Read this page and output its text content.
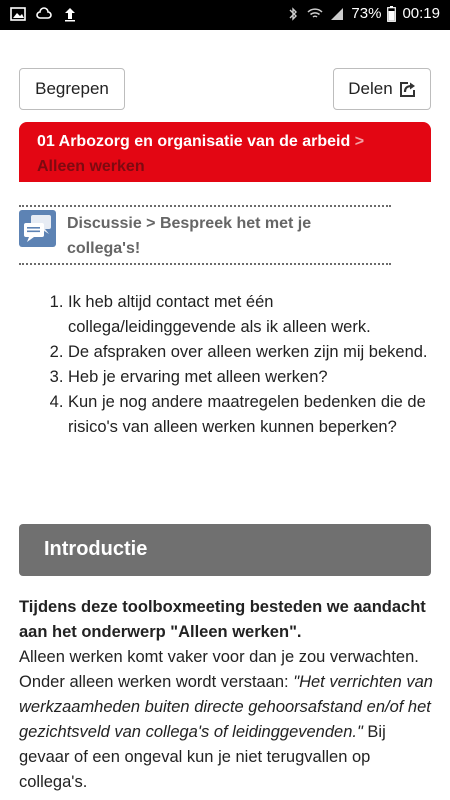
73% 00:19
Begrepen	Delen
01 Arbozorg en organisatie van de arbeid >
Alleen werken
Discussie > Bespreek het met je collega's!
1. Ik heb altijd contact met één collega/leidinggevende als ik alleen werk.
2. De afspraken over alleen werken zijn mij bekend.
3. Heb je ervaring met alleen werken?
4. Kun je nog andere maatregelen bedenken die de risico's van alleen werken kunnen beperken?
Introductie
Tijdens deze toolboxmeeting besteden we aandacht aan het onderwerp "Alleen werken".
Alleen werken komt vaker voor dan je zou verwachten. Onder alleen werken wordt verstaan: "Het verrichten van werkzaamheden buiten directe gehoorsafstand en/of het gezichtsveld van collega's of leidinggevenden." Bij gevaar of een ongeval kun je niet terugvallen op collega's.
